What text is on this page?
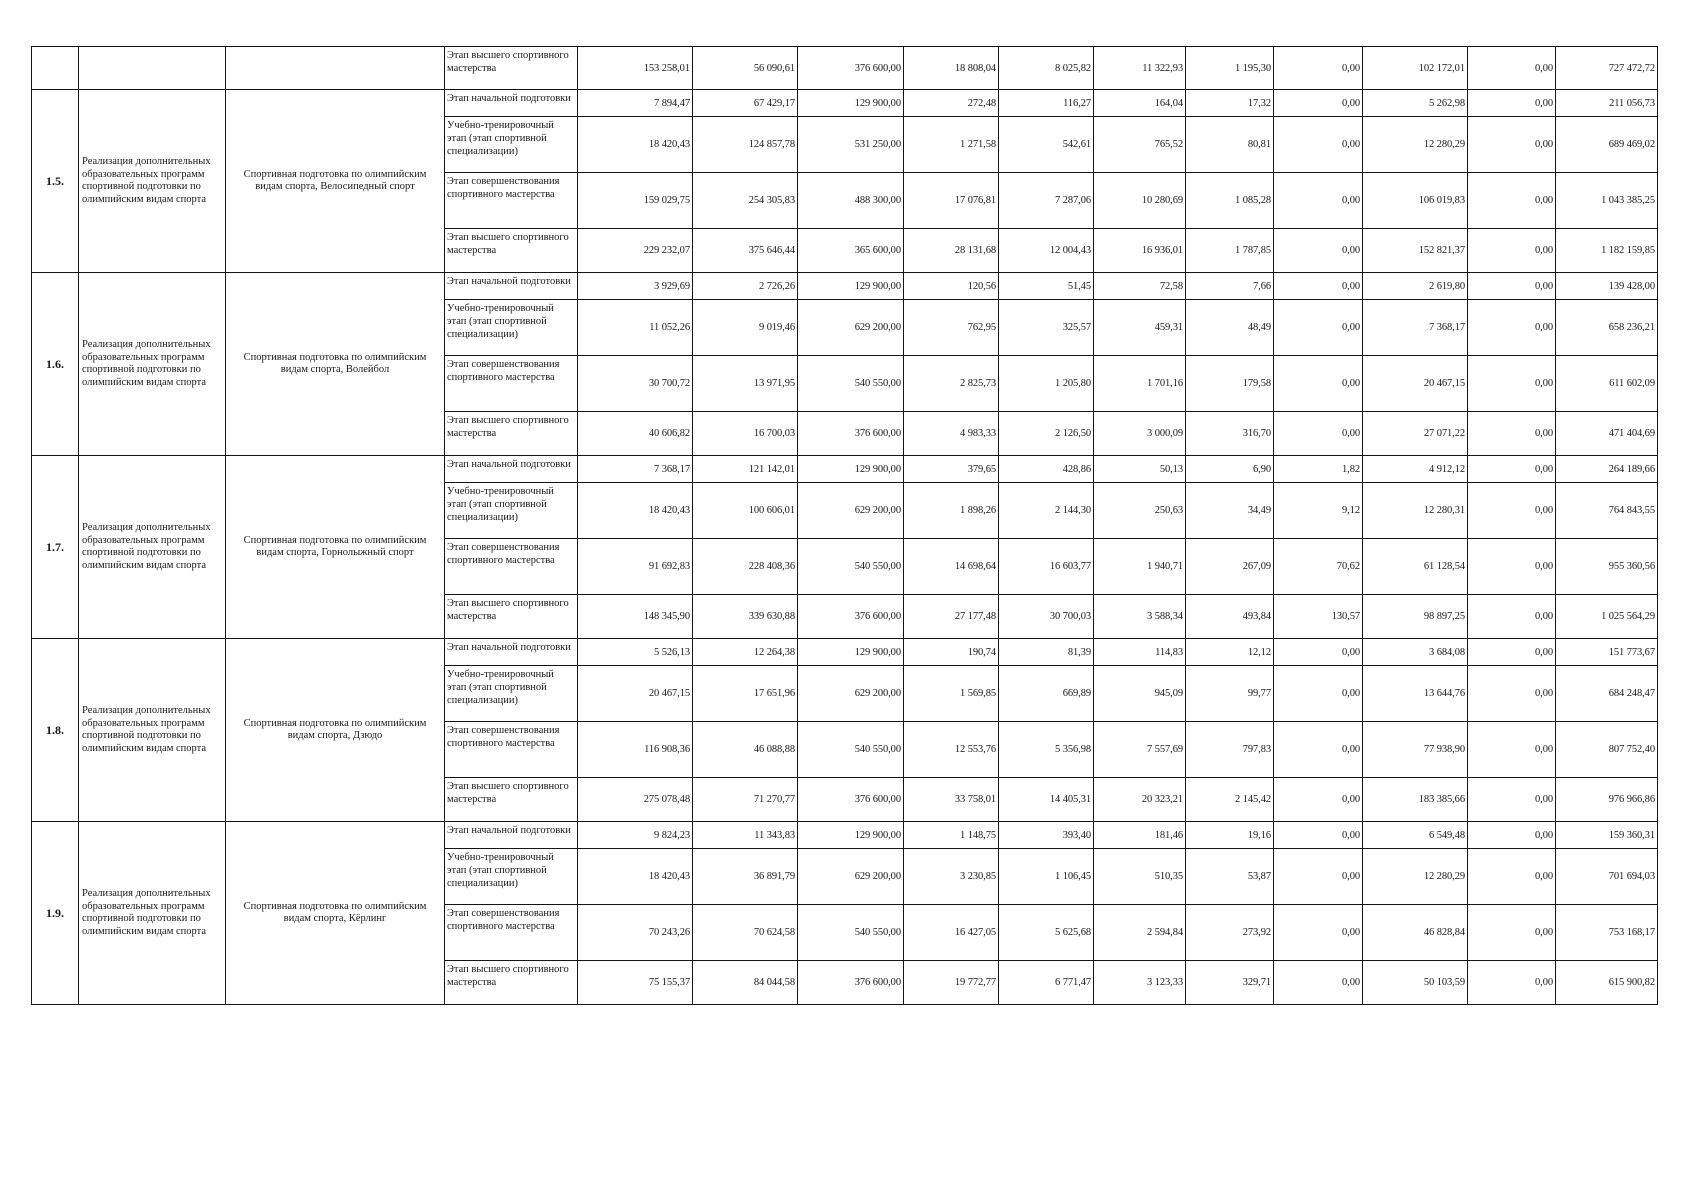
			Этап высшего спортивного мастерства	153 258,01	56 090,61	376 600,00	18 808,04	8 025,82	11 322,93	1 195,30	0,00	102 172,01	0,00	727 472,72
1.5.	Реализация дополнительных образовательных программ спортивной подготовки по олимпийским видам спорта	Спортивная подготовка по олимпийским видам спорта, Велосипедный спорт	Этап начальной подготовки	7 894,47	67 429,17	129 900,00	272,48	116,27	164,04	17,32	0,00	5 262,98	0,00	211 056,73
			Учебно-тренировочный этап (этап спортивной специализации)	18 420,43	124 857,78	531 250,00	1 271,58	542,61	765,52	80,81	0,00	12 280,29	0,00	689 469,02
			Этап совершенствования спортивного мастерства	159 029,75	254 305,83	488 300,00	17 076,81	7 287,06	10 280,69	1 085,28	0,00	106 019,83	0,00	1 043 385,25
			Этап высшего спортивного мастерства	229 232,07	375 646,44	365 600,00	28 131,68	12 004,43	16 936,01	1 787,85	0,00	152 821,37	0,00	1 182 159,85
1.6.	Реализация дополнительных образовательных программ спортивной подготовки по олимпийским видам спорта	Спортивная подготовка по олимпийским видам спорта, Волейбол	Этап начальной подготовки	3 929,69	2 726,26	129 900,00	120,56	51,45	72,58	7,66	0,00	2 619,80	0,00	139 428,00
			Учебно-тренировочный этап (этап спортивной специализации)	11 052,26	9 019,46	629 200,00	762,95	325,57	459,31	48,49	0,00	7 368,17	0,00	658 236,21
			Этап совершенствования спортивного мастерства	30 700,72	13 971,95	540 550,00	2 825,73	1 205,80	1 701,16	179,58	0,00	20 467,15	0,00	611 602,09
			Этап высшего спортивного мастерства	40 606,82	16 700,03	376 600,00	4 983,33	2 126,50	3 000,09	316,70	0,00	27 071,22	0,00	471 404,69
1.7.	Реализация дополнительных образовательных программ спортивной подготовки по олимпийским видам спорта	Спортивная подготовка по олимпийским видам спорта, Горнолыжный спорт	Этап начальной подготовки	7 368,17	121 142,01	129 900,00	379,65	428,86	50,13	6,90	1,82	4 912,12	0,00	264 189,66
			Учебно-тренировочный этап (этап спортивной специализации)	18 420,43	100 606,01	629 200,00	1 898,26	2 144,30	250,63	34,49	9,12	12 280,31	0,00	764 843,55
			Этап совершенствования спортивного мастерства	91 692,83	228 408,36	540 550,00	14 698,64	16 603,77	1 940,71	267,09	70,62	61 128,54	0,00	955 360,56
			Этап высшего спортивного мастерства	148 345,90	339 630,88	376 600,00	27 177,48	30 700,03	3 588,34	493,84	130,57	98 897,25	0,00	1 025 564,29
1.8.	Реализация дополнительных образовательных программ спортивной подготовки по олимпийским видам спорта	Спортивная подготовка по олимпийским видам спорта, Дзюдо	Этап начальной подготовки	5 526,13	12 264,38	129 900,00	190,74	81,39	114,83	12,12	0,00	3 684,08	0,00	151 773,67
			Учебно-тренировочный этап (этап спортивной специализации)	20 467,15	17 651,96	629 200,00	1 569,85	669,89	945,09	99,77	0,00	13 644,76	0,00	684 248,47
			Этап совершенствования спортивного мастерства	116 908,36	46 088,88	540 550,00	12 553,76	5 356,98	7 557,69	797,83	0,00	77 938,90	0,00	807 752,40
			Этап высшего спортивного мастерства	275 078,48	71 270,77	376 600,00	33 758,01	14 405,31	20 323,21	2 145,42	0,00	183 385,66	0,00	976 966,86
1.9.	Реализация дополнительных образовательных программ спортивной подготовки по олимпийским видам спорта	Спортивная подготовка по олимпийским видам спорта, Кёрлинг	Этап начальной подготовки	9 824,23	11 343,83	129 900,00	1 148,75	393,40	181,46	19,16	0,00	6 549,48	0,00	159 360,31
			Учебно-тренировочный этап (этап спортивной специализации)	18 420,43	36 891,79	629 200,00	3 230,85	1 106,45	510,35	53,87	0,00	12 280,29	0,00	701 694,03
			Этап совершенствования спортивного мастерства	70 243,26	70 624,58	540 550,00	16 427,05	5 625,68	2 594,84	273,92	0,00	46 828,84	0,00	753 168,17
			Этап высшего спортивного мастерства	75 155,37	84 044,58	376 600,00	19 772,77	6 771,47	3 123,33	329,71	0,00	50 103,59	0,00	615 900,82
